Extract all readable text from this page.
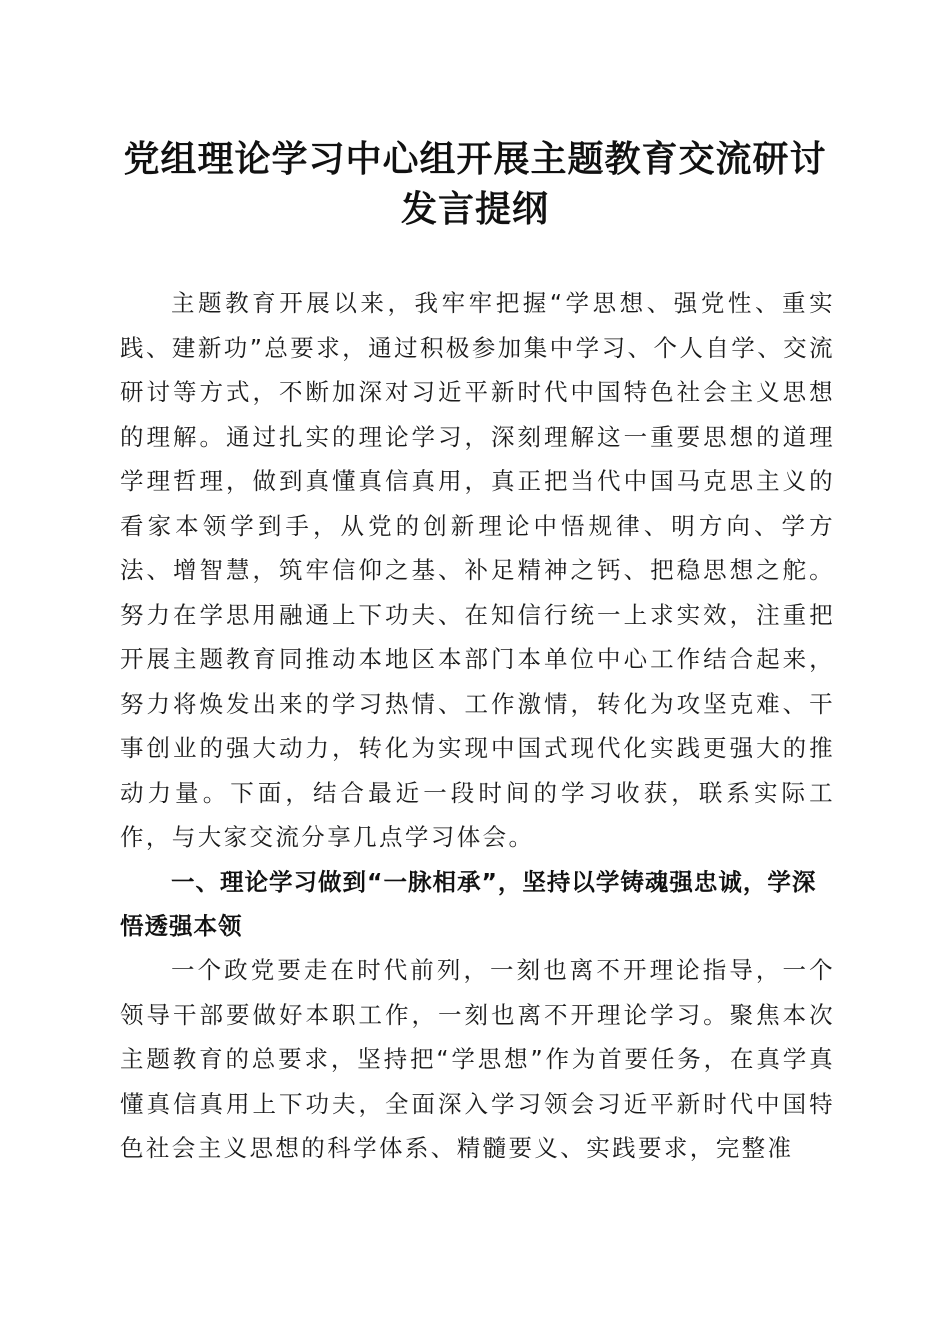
党组理论学习中心组开展主题教育交流研讨发言提纲

主题教育开展以来，我牢牢把握“学思想、强党性、重实践、建新功”总要求，通过积极参加集中学习、个人自学、交流研讨等方式，不断加深对习近平新时代中国特色社会主义思想的理解。通过扎实的理论学习，深刻理解这一重要思想的道理学理哲理，做到真懂真信真用，真正把当代中国马克思主义的看家本领学到手，从党的创新理论中悟规律、明方向、学方法、增智慧，筑牢信仰之基、补足精神之钙、把稳思想之舵。努力在学思用融通上下功夫、在知信行统一上求实效，注重把开展主题教育同推动本地区本部门本单位中心工作结合起来，努力将焕发出来的学习热情、工作激情，转化为攻坚克难、干事创业的强大动力，转化为实现中国式现代化实践更强大的推动力量。下面，结合最近一段时间的学习收获，联系实际工作，与大家交流分享几点学习体会。

一、理论学习做到“一脉相承”，坚持以学铸魂强忠诚，学深悟透强本领

一个政党要走在时代前列，一刻也离不开理论指导，一个领导干部要做好本职工作，一刻也离不开理论学习。聚焦本次主题教育的总要求，坚持把“学思想”作为首要任务，在真学真懂真信真用上下功夫，全面深入学习领会习近平新时代中国特色社会主义思想的科学体系、精髓要义、实践要求，完整准
